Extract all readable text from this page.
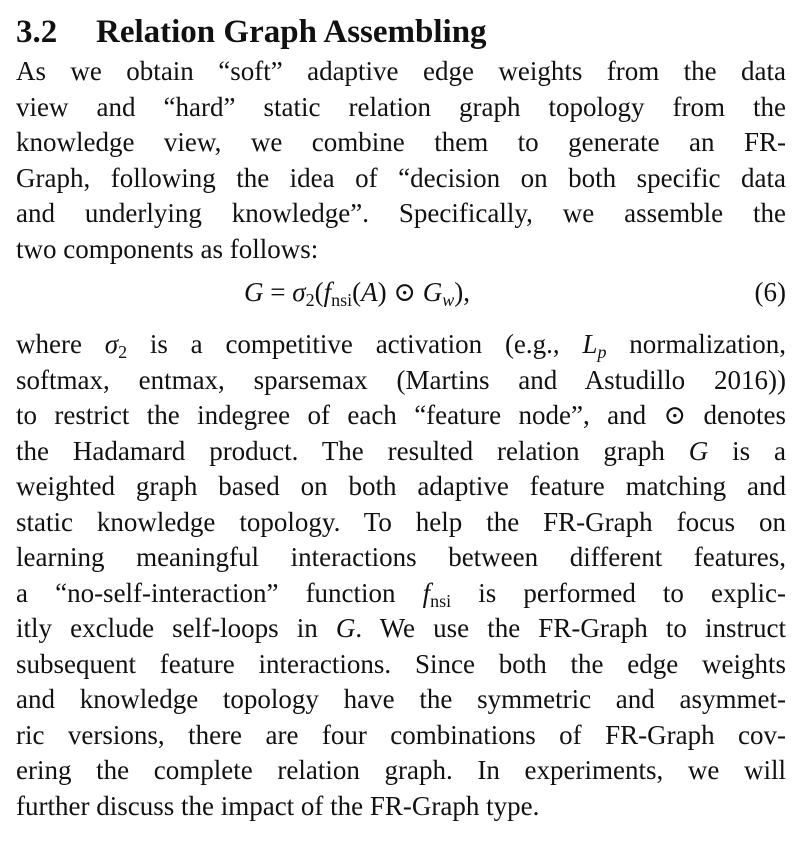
3.2 Relation Graph Assembling
As we obtain “soft” adaptive edge weights from the data
view and “hard” static relation graph topology from the
knowledge view, we combine them to generate an FR-
Graph, following the idea of “decision on both specific data
and underlying knowledge”. Specifically, we assemble the
two components as follows:
$G = \sigma_2(f_{nsi}(A)$ ⊙ $G_w$),	(6)
where $\sigma_2$ is a competitive activation (e.g., $L_p$ normalization,
softmax, entmax, sparsemax (Martins and Astudillo 2016))
to restrict the indegree of each “feature node”, and ⊙ denotes
the Hadamard product. The resulted relation graph G is a
weighted graph based on both adaptive feature matching and
static knowledge topology. To help the FR-Graph focus on
learning meaningful interactions between different features,
a “no-self-interaction” function $f_{nsi}$ is performed to explic-
itly exclude self-loops in G. We use the FR-Graph to instruct
subsequent feature interactions. Since both the edge weights
and knowledge topology have the symmetric and asymmet-
ric versions, there are four combinations of FR-Graph cov-
ering the complete relation graph. In experiments, we will
further discuss the impact of the FR-Graph type.
